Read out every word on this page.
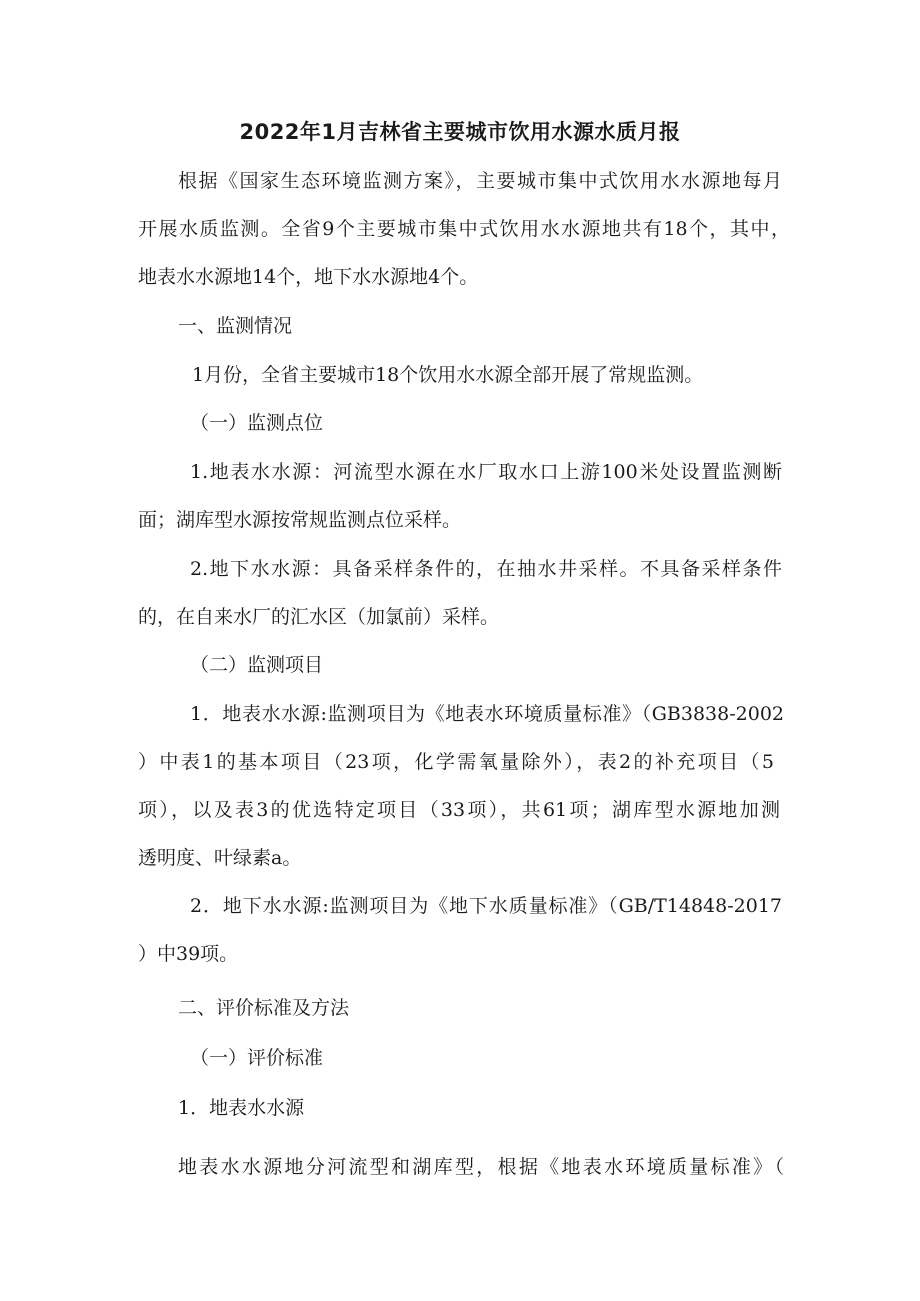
2022年1月吉林省主要城市饮用水源水质月报
根据《国家生态环境监测方案》，主要城市集中式饮用水水源地每月
开展水质监测。全省9个主要城市集中式饮用水水源地共有18个，其中，
地表水水源地14个，地下水水源地4个。
一、监测情况
1月份，全省主要城市18个饮用水水源全部开展了常规监测。
（一）监测点位
1.地表水水源：河流型水源在水厂取水口上游100米处设置监测断
面；湖库型水源按常规监测点位采样。
2.地下水水源：具备采样条件的，在抽水井采样。不具备采样条件
的，在自来水厂的汇水区（加氯前）采样。
（二）监测项目
1．地表水水源:监测项目为《地表水环境质量标准》（GB3838-2002
）中表1的基本项目（23项，化学需氧量除外），表2的补充项目（5
项），以及表3的优选特定项目（33项），共61项；湖库型水源地加测
透明度、叶绿素a。
2．地下水水源:监测项目为《地下水质量标准》（GB/T14848-2017
）中39项。
二、评价标准及方法
（一）评价标准
1．地表水水源
地表水水源地分河流型和湖库型，根据《地表水环境质量标准》（
